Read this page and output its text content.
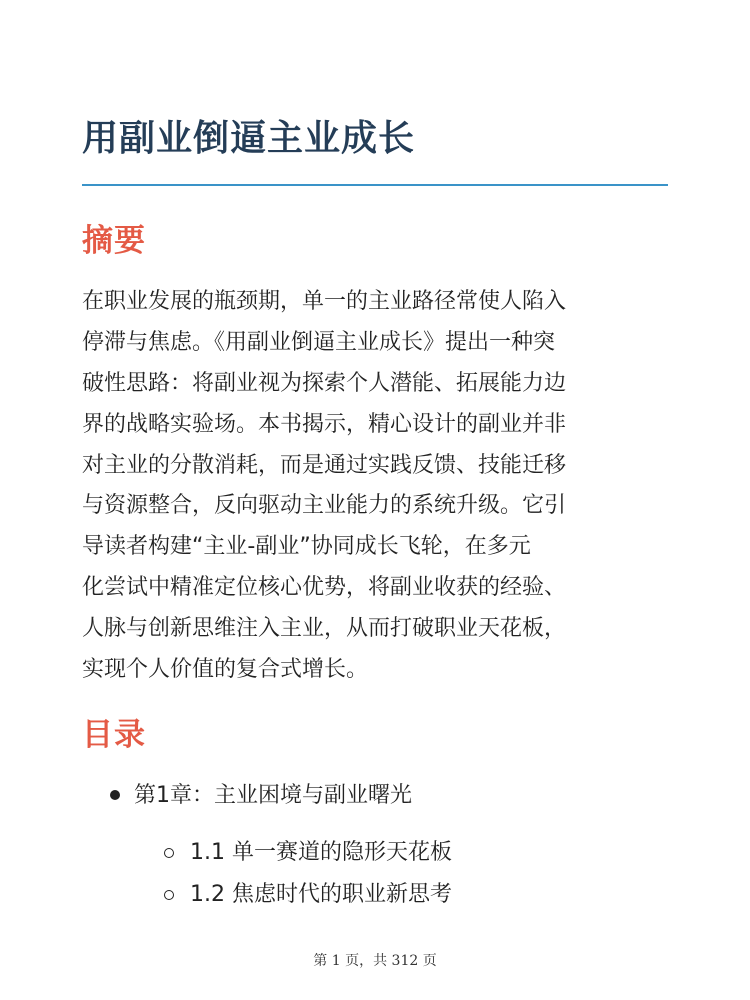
用副业倒逼主业成长
摘要

在职业发展的瓶颈期，单一的主业路径常使人陷入
停滞与焦虑。《用副业倒逼主业成长》提出一种突
破性思路：将副业视为探索个人潜能、拓展能力边
界的战略实验场。本书揭示，精心设计的副业并非
对主业的分散消耗，而是通过实践反馈、技能迁移
与资源整合，反向驱动主业能力的系统升级。它引
导读者构建“主业-副业”协同成长飞轮，在多元
化尝试中精准定位核心优势，将副业收获的经验、
人脉与创新思维注入主业，从而打破职业天花板，
实现个人价值的复合式增长。

目录
第1章：主业困境与副业曙光
1.1 单一赛道的隐形天花板
1.2 焦虑时代的职业新思考
第 1 页，共 312 页
